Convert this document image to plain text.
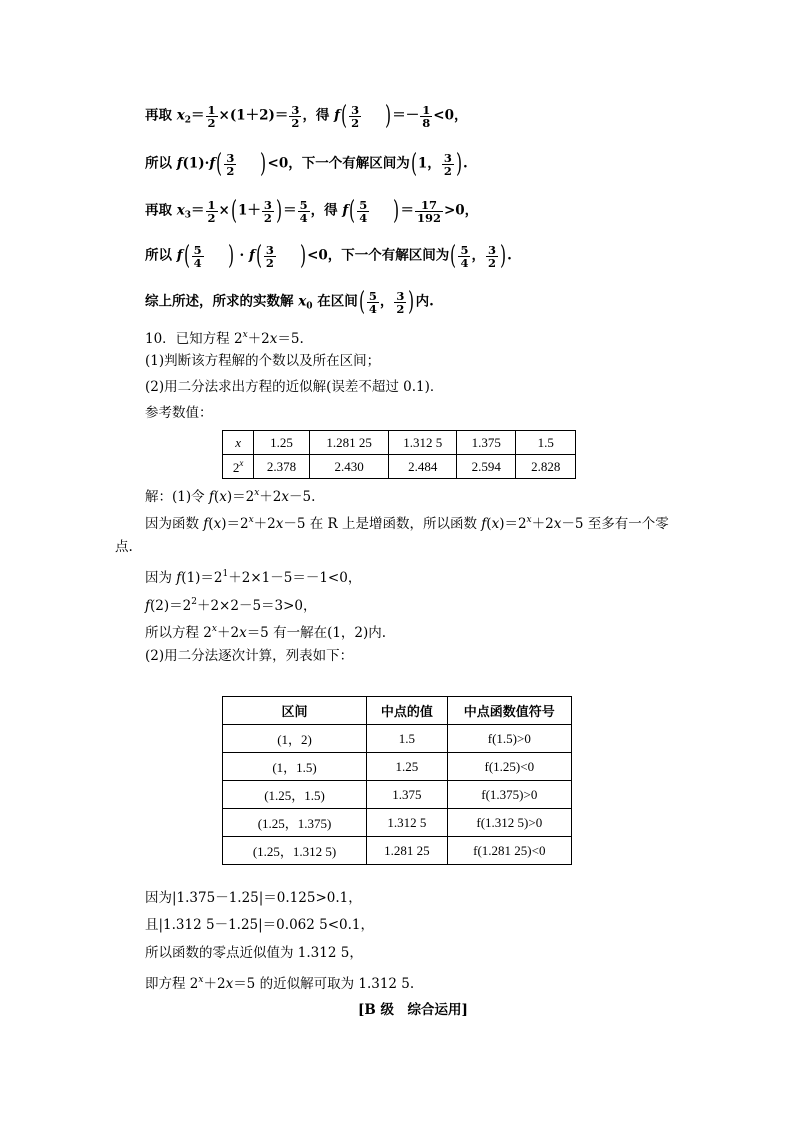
再取 $x_2= \frac{1}{2} \times(1+2)= \frac{3}{2}$ ，得 $f( \frac{3}{2}$ )＝－ $\frac{1}{8} <0$，
所以 $f(1)\cdot f( \frac{3}{2} )<0$，下一个有解区间为(1， $\frac{3}{2}$ ).
再取 $x_3= \frac{1}{2} \times(1+ \frac{3}{2}$ )＝ $\frac{5}{4}$ ，得 $f( \frac{5}{4}$ )＝ $\frac{17}{192} >0$，
所以 $f( \frac{5}{4}$ ) · $f( \frac{3}{2} )<0$，下一个有解区间为( $\frac{5}{4}$ ， $\frac{3}{2}$ ).
综上所述，所求的实数解 $x_0$ 在区间( $\frac{5}{4}$ ， $\frac{3}{2}$ )内.
10．已知方程 $2^x+2x=5$.
(1)判断该方程解的个数以及所在区间；
(2)用二分法求出方程的近似解(误差不超过 0.1)．
参考数值：
x	1.25	1.281 25	1.312 5	1.375	1.5
2$^x$	2.378	2.430	2.484	2.594	2.828
解：(1)令 $f(x)=2^x+2x-5$.
因为函数 $f(x)=2^x+2x-5$ 在 R 上是增函数，所以函数 $f(x)=2^x+2x-5$ 至多有一个零
点.
因为 $f(1)=2^1+2\times 1-5=-1<0$，
$f(2)=2^2+2\times 2-5=3>0$，
所以方程 $2^x+2x=5$ 有一解在(1，2)内.
(2)用二分法逐次计算，列表如下：
区间	中点的值	中点函数值符号
(1，2)	1.5	f(1.5)>0
(1，1.5)	1.25	f(1.25)<0
(1.25，1.5)	1.375	f(1.375)>0
(1.25，1.375)	1.312 5	f(1.312 5)>0
(1.25，1.312 5)	1.281 25	f(1.281 25)<0
因为|1.375－1.25|＝0.125>0.1，
且|1.312 5－1.25|＝0.062 5<0.1，
所以函数的零点近似值为 1.312 5，
即方程 $2^x+2x=5$ 的近似解可取为 1.312 5.
[B 级　综合运用]
